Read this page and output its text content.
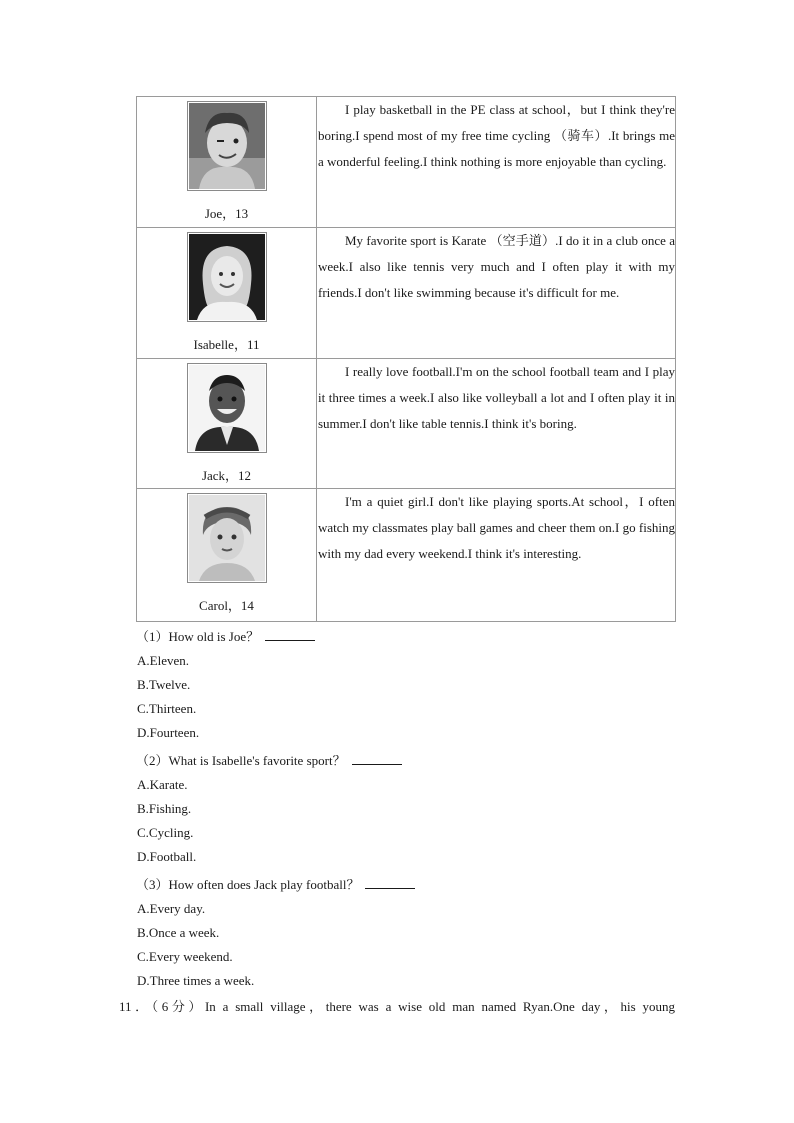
Joe，13	I play basketball in the PE class at school，but I think they're boring.I spend most of my free time cycling （骑车）.It brings me a wonderful feeling.I think nothing is more enjoyable than cycling.

Isabelle，11	My favorite sport is Karate （空手道）.I do it in a club once a week.I also like tennis very much and I often play it with my friends.I don't like swimming because it's difficult for me.

Jack，12	I really love football.I'm on the school football team and I play it three times a week.I also like volleyball a lot and I often play it in summer.I don't like table tennis.I think it's boring.

Carol，14	I'm a quiet girl.I don't like playing sports.At school，I often watch my classmates play ball games and cheer them on.I go fishing with my dad every weekend.I think it's interesting.

（1）How old is Joe？
A.Eleven.
B.Twelve.
C.Thirteen.
D.Fourteen.
（2）What is Isabelle's favorite sport？
A.Karate.
B.Fishing.
C.Cycling.
D.Football.
（3）How often does Jack play football？
A.Every day.
B.Once a week.
C.Every weekend.
D.Three times a week.
11．（6分）In a small village，there was a wise old man named Ryan.One day，his young
